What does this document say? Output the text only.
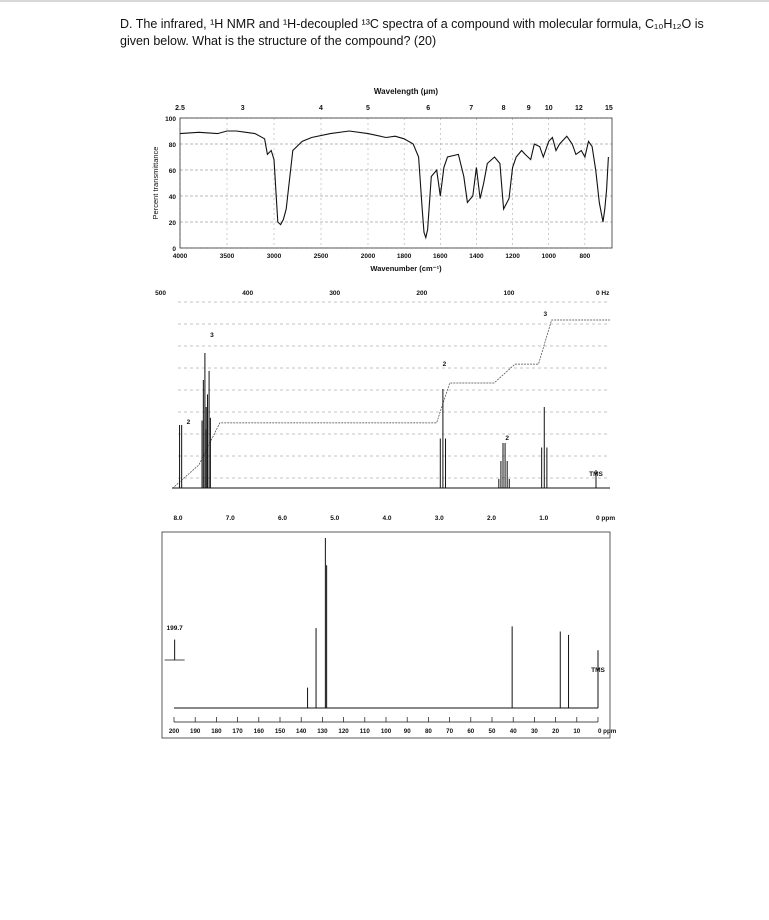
D. The infrared, ¹H NMR and ¹H-decoupled ¹³C spectra of a compound with molecular formula, C₁₀H₁₂O is given below. What is the structure of the compound? (20)
Wavelength (μm)
2.5	3	4	5	6	7	8	9 10	12	15
4000	3500	3000	2500	2000	1800	1600	1400	1200	1000	800
Wavenumber (cm⁻¹)
0
20
40
60
80
100
Percent transmittance
500	400	300	200	100	0 Hz
8.0	7.0	6.0	5.0	4.0	3.0	2.0	1.0	0 ppm
2
3
2
2
3
TMS
200 190 180 170 160 150 140 130 120 110 100 90 80 70 60 50 40 30 20 10	0 ppm
199.7
TMS
